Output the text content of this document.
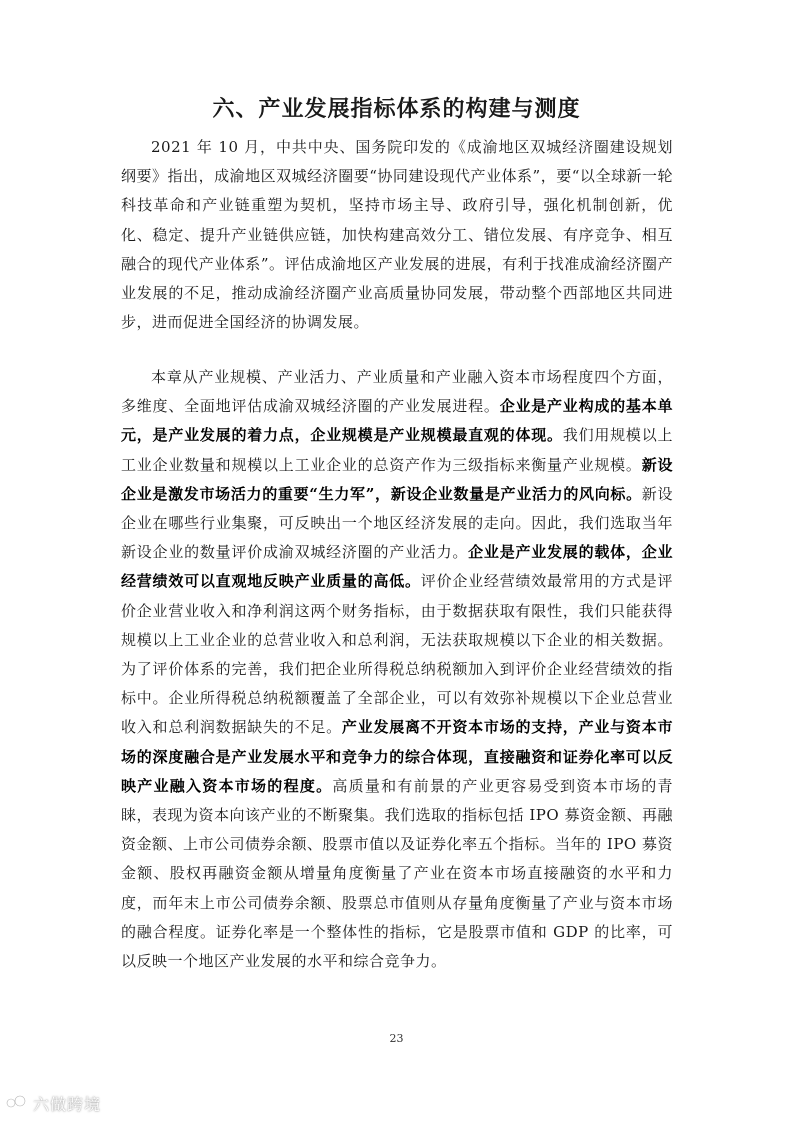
六、产业发展指标体系的构建与测度

2021 年 10 月，中共中央、国务院印发的《成渝地区双城经济圈建设规划纲要》指出，成渝地区双城经济圈要“协同建设现代产业体系”，要“以全球新一轮科技革命和产业链重塑为契机，坚持市场主导、政府引导，强化机制创新，优化、稳定、提升产业链供应链，加快构建高效分工、错位发展、有序竞争、相互融合的现代产业体系”。评估成渝地区产业发展的进展，有利于找准成渝经济圈产业发展的不足，推动成渝经济圈产业高质量协同发展，带动整个西部地区共同进步，进而促进全国经济的协调发展。

本章从产业规模、产业活力、产业质量和产业融入资本市场程度四个方面，多维度、全面地评估成渝双城经济圈的产业发展进程。企业是产业构成的基本单元，是产业发展的着力点，企业规模是产业规模最直观的体现。我们用规模以上工业企业数量和规模以上工业企业的总资产作为三级指标来衡量产业规模。新设企业是激发市场活力的重要“生力军”，新设企业数量是产业活力的风向标。新设企业在哪些行业集聚，可反映出一个地区经济发展的走向。因此，我们选取当年新设企业的数量评价成渝双城经济圈的产业活力。企业是产业发展的载体，企业经营绩效可以直观地反映产业质量的高低。评价企业经营绩效最常用的方式是评价企业营业收入和净利润这两个财务指标，由于数据获取有限性，我们只能获得规模以上工业企业的总营业收入和总利润，无法获取规模以下企业的相关数据。为了评价体系的完善，我们把企业所得税总纳税额加入到评价企业经营绩效的指标中。企业所得税总纳税额覆盖了全部企业，可以有效弥补规模以下企业总营业收入和总利润数据缺失的不足。产业发展离不开资本市场的支持，产业与资本市场的深度融合是产业发展水平和竞争力的综合体现，直接融资和证券化率可以反映产业融入资本市场的程度。高质量和有前景的产业更容易受到资本市场的青睐，表现为资本向该产业的不断聚集。我们选取的指标包括 IPO 募资金额、再融资金额、上市公司债券余额、股票市值以及证券化率五个指标。当年的 IPO 募资金额、股权再融资金额从增量角度衡量了产业在资本市场直接融资的水平和力度，而年末上市公司债券余额、股票总市值则从存量角度衡量了产业与资本市场的融合程度。证券化率是一个整体性的指标，它是股票市值和 GDP 的比率，可以反映一个地区产业发展的水平和综合竞争力。

23
六做跨境
